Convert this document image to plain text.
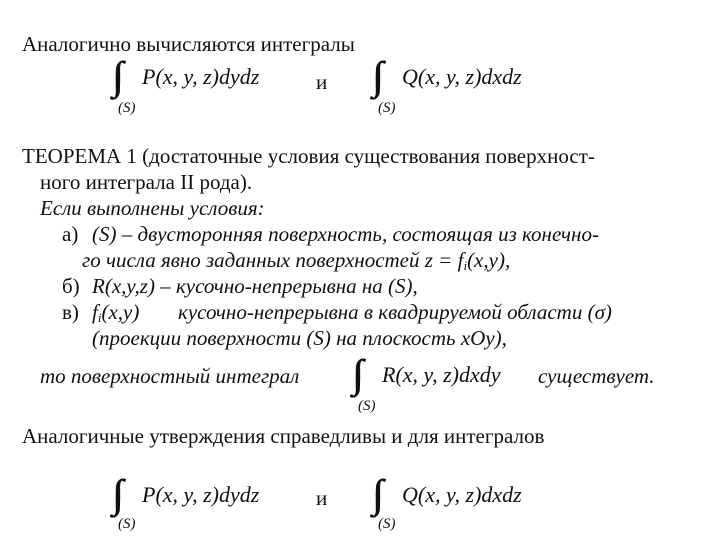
Аналогично вычисляются интегралы
∫∫ P(x, y, z)dydz
(S)
и ∫∫ Q(x, y, z)dxdz
(S)
ТЕОРЕМА 1 (достаточные условия существования поверхност-
ного интеграла II рода).
Если выполнены условия:
а) (S) – двусторонняя поверхность, состоящая из конечно-
го числа явно заданных поверхностей $z = f_i(x,y)$,
б) R(x,y,z) – кусочно-непрерывна на (S),
в) $f_i(x,y)$ кусочно-непрерывна в квадрируемой области (σ)
(проекции поверхности (S) на плоскость xOy),
то поверхностный интеграл ∫∫ R(x, y, z)dxdy
(S)
существует.
Аналогичные утверждения справедливы и для интегралов
∫∫ P(x, y, z)dydz
(S)
и ∫∫ Q(x, y, z)dxdz
(S)
